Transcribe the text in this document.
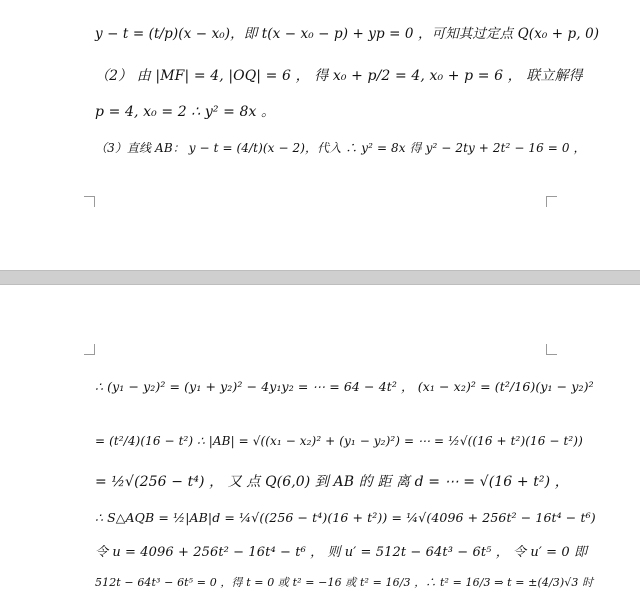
y − t = (t/p)(x − x₀)，即 t(x − x₀ − p) + yp = 0 ，可知其过定点 Q(x₀ + p, 0)
（2） 由 |MF| = 4, |OQ| = 6 ， 得 x₀ + p/2 = 4, x₀ + p = 6 ， 联立解得
p = 4, x₀ = 2 ∴ y² = 8x 。
（3）直线 AB： y − t = (4/t)(x − 2)，代入 ∴ y² = 8x 得 y² − 2ty + 2t² − 16 = 0 ，
∴ (y₁ − y₂)² = (y₁ + y₂)² − 4y₁y₂ = ⋯ = 64 − 4t² ， (x₁ − x₂)² = (t²/16)(y₁ − y₂)²
= (t²/4)(16 − t²) ∴ |AB| = √((x₁ − x₂)² + (y₁ − y₂)²) = ⋯ = ½√((16 + t²)(16 − t²))
= ½√(256 − t⁴) ， 又 点 Q(6,0) 到 AB 的 距 离 d = ⋯ = √(16 + t²) ，
∴ S△AQB = ½|AB|d = ¼√((256 − t⁴)(16 + t²)) = ¼√(4096 + 256t² − 16t⁴ − t⁶)
令 u = 4096 + 256t² − 16t⁴ − t⁶ ， 则 u′ = 512t − 64t³ − 6t⁵ ， 令 u′ = 0 即
512t − 64t³ − 6t⁵ = 0 ，得 t = 0 或 t² = −16 或 t² = 16/3 ，∴ t² = 16/3 ⇒ t = ±(4/3)√3 时
